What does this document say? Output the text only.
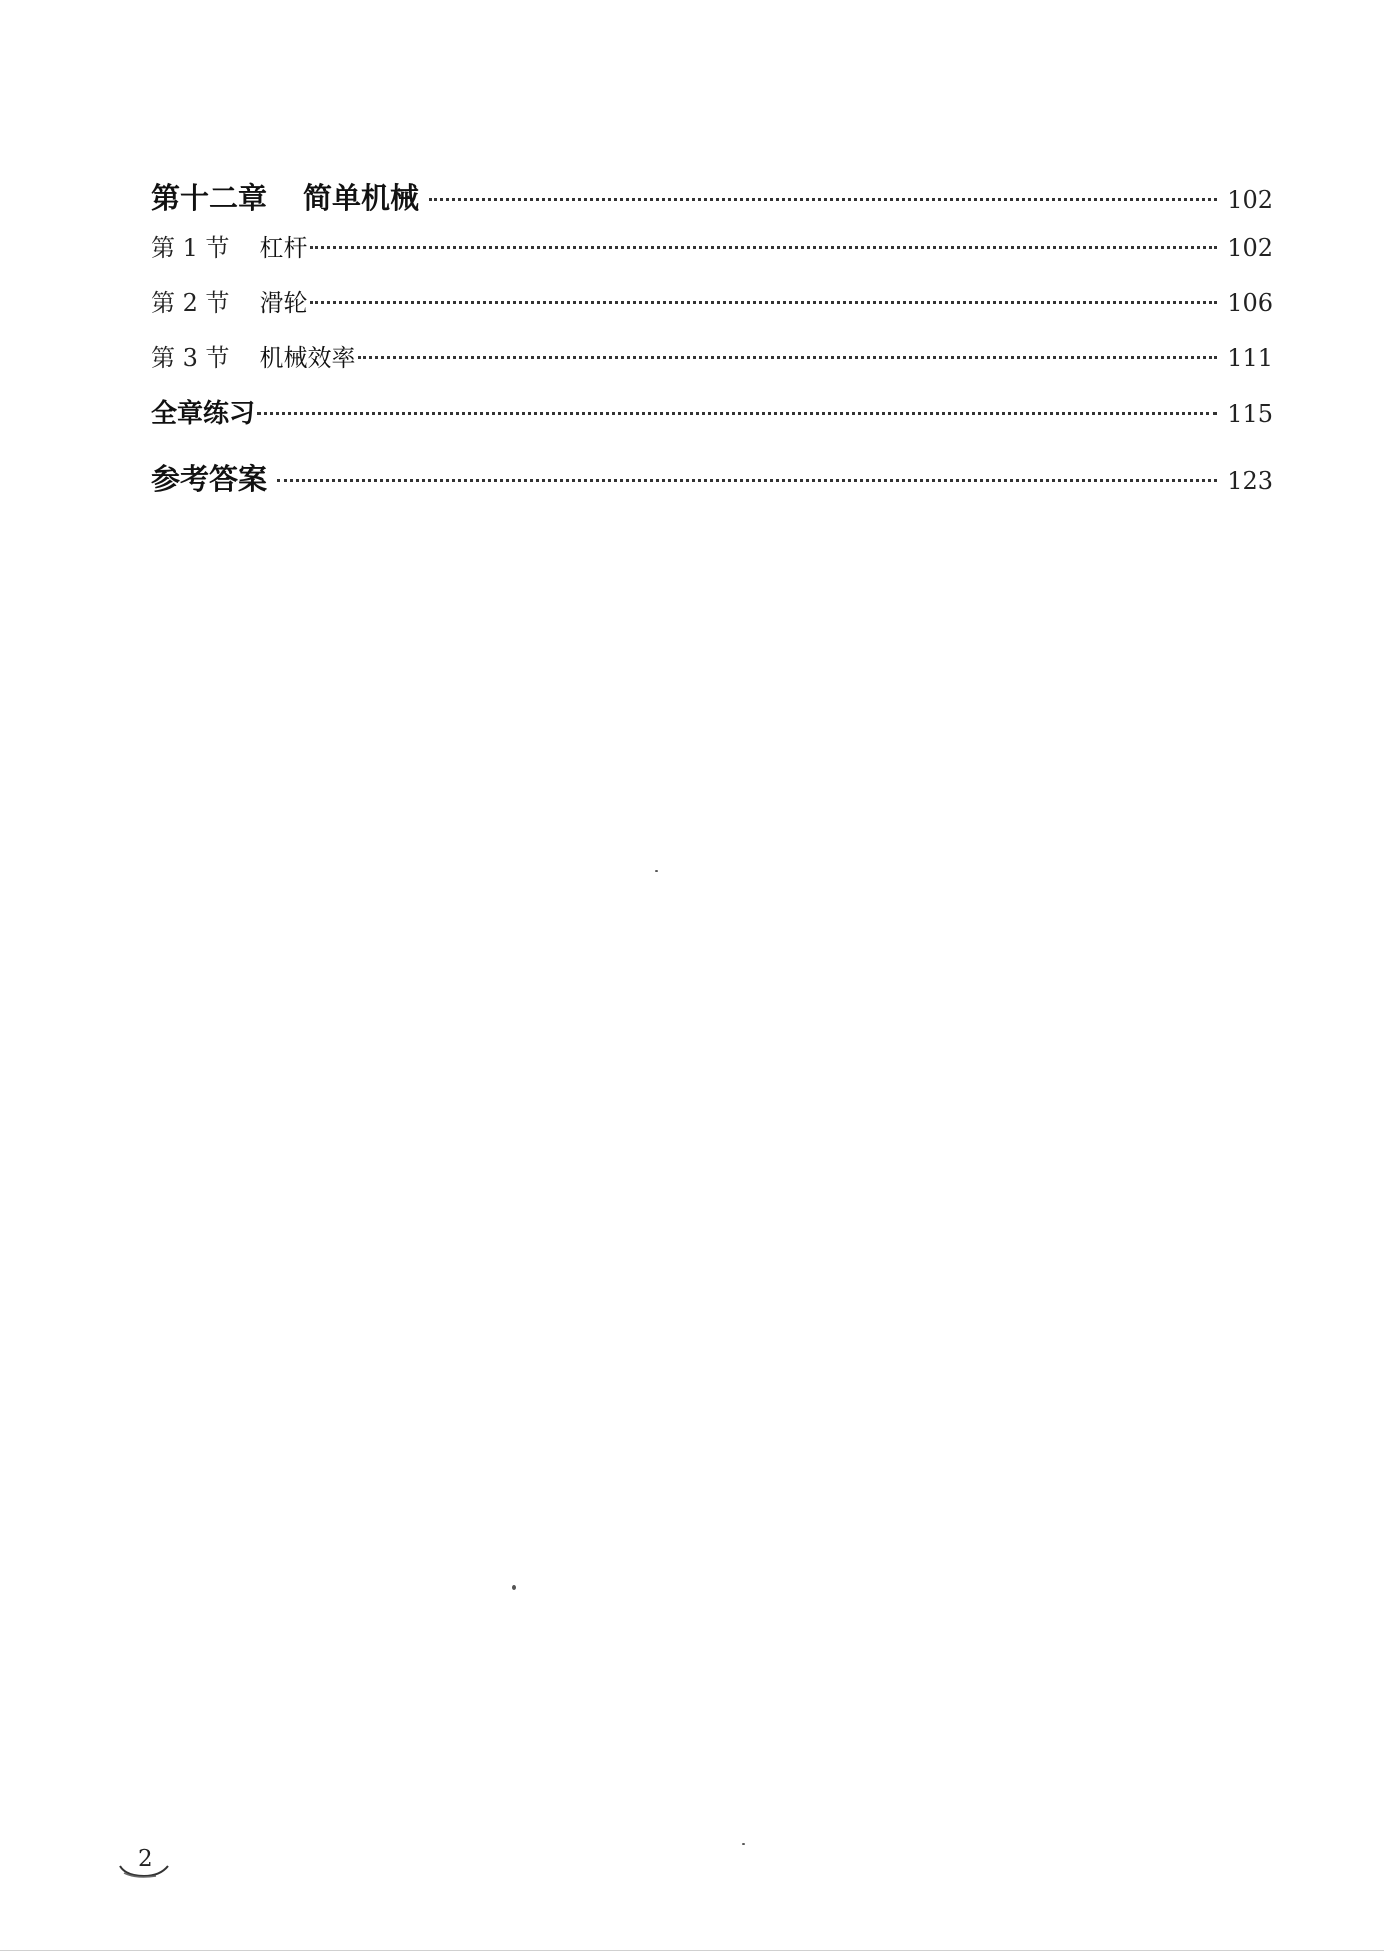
第十二章 简单机械	102
第 1 节 杠杆	102
第 2 节 滑轮	106
第 3 节 机械效率	111
全章练习	115
参考答案	123
2
